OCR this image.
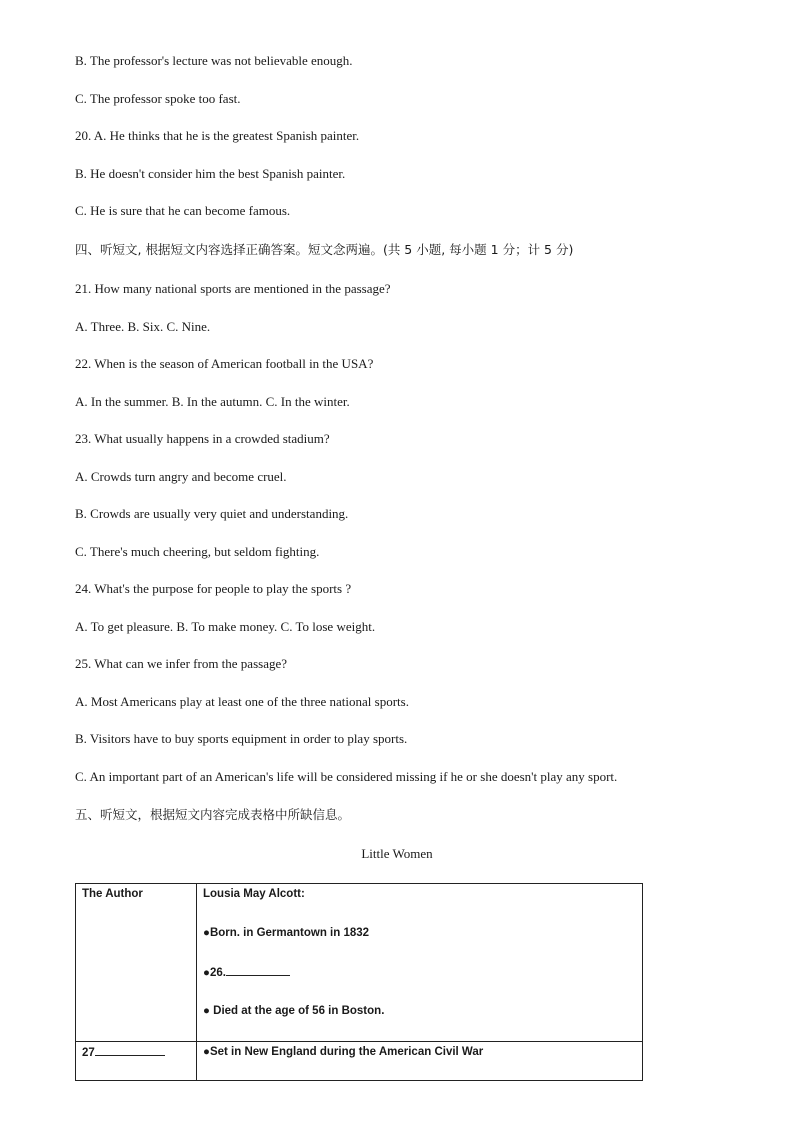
B. The professor's lecture was not believable enough.
C. The professor spoke too fast.
20. A. He thinks that he is the greatest Spanish painter.
B. He doesn't consider him the best Spanish painter.
C. He is sure that he can become famous.
四、听短文, 根据短文内容选择正确答案。短文念两遍。(共 5 小题, 每小题 1 分；计 5 分)
21. How many national sports are mentioned in the passage?
A. Three. B. Six. C. Nine.
22. When is the season of American football in the USA?
A. In the summer. B. In the autumn. C. In the winter.
23. What usually happens in a crowded stadium?
A. Crowds turn angry and become cruel.
B. Crowds are usually very quiet and understanding.
C. There's much cheering, but seldom fighting.
24. What's the purpose for people to play the sports ?
A. To get pleasure. B. To make money. C. To lose weight.
25. What can we infer from the passage?
A. Most Americans play at least one of the three national sports.
B. Visitors have to buy sports equipment in order to play sports.
C. An important part of an American's life will be considered missing if he or she doesn't play any sport.
五、听短文，根据短文内容完成表格中所缺信息。
Little Women
The Author	Lousia May Alcott:
●Born. in Germantown in 1832
●26.
● Died at the age of 56 in Boston.

27	●Set in New England during the American Civil War
